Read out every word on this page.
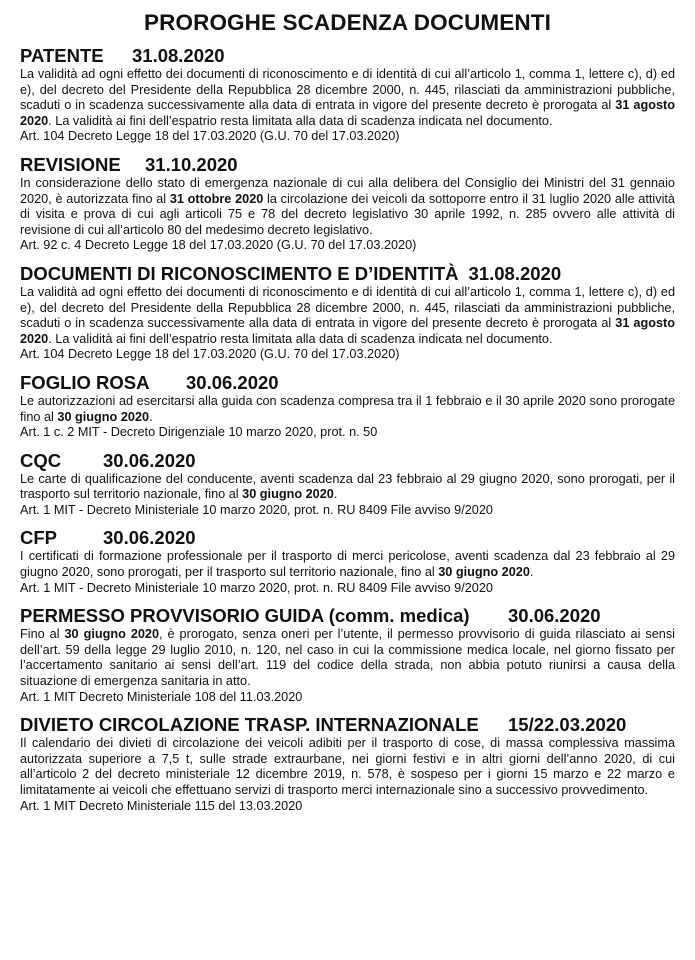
PROROGHE SCADENZA DOCUMENTI
PATENTE	31.08.2020

La validità ad ogni effetto dei documenti di riconoscimento e di identità di cui all’articolo 1, comma 1, lettere c), d) ed e), del decreto del Presidente della Repubblica 28 dicembre 2000, n. 445, rilasciati da amministrazioni pubbliche, scaduti o in scadenza successivamente alla data di entrata in vigore del presente decreto è prorogata al 31 agosto 2020. La validità ai fini dell’espatrio resta limitata alla data di scadenza indicata nel documento.

Art. 104 Decreto Legge 18 del 17.03.2020 (G.U. 70 del 17.03.2020)

REVISIONE	31.10.2020

In considerazione dello stato di emergenza nazionale di cui alla delibera del Consiglio dei Ministri del 31 gennaio 2020, è autorizzata fino al 31 ottobre 2020 la circolazione dei veicoli da sottoporre entro il 31 luglio 2020 alle attività di visita e prova di cui agli articoli 75 e 78 del decreto legislativo 30 aprile 1992, n. 285 ovvero alle attività di revisione di cui all’articolo 80 del medesimo decreto legislativo.

Art. 92 c. 4 Decreto Legge 18 del 17.03.2020 (G.U. 70 del 17.03.2020)

DOCUMENTI DI RICONOSCIMENTO E D’IDENTITÀ 31.08.2020

La validità ad ogni effetto dei documenti di riconoscimento e di identità di cui all’articolo 1, comma 1, lettere c), d) ed e), del decreto del Presidente della Repubblica 28 dicembre 2000, n. 445, rilasciati da amministrazioni pubbliche, scaduti o in scadenza successivamente alla data di entrata in vigore del presente decreto è prorogata al 31 agosto 2020. La validità ai fini dell’espatrio resta limitata alla data di scadenza indicata nel documento.

Art. 104 Decreto Legge 18 del 17.03.2020 (G.U. 70 del 17.03.2020)

FOGLIO ROSA	30.06.2020

Le autorizzazioni ad esercitarsi alla guida con scadenza compresa tra il 1 febbraio e il 30 aprile 2020 sono prorogate fino al 30 giugno 2020.

Art. 1 c. 2 MIT - Decreto Dirigenziale 10 marzo 2020, prot. n. 50

CQC	30.06.2020

Le carte di qualificazione del conducente, aventi scadenza dal 23 febbraio al 29 giugno 2020, sono prorogati, per il trasporto sul territorio nazionale, fino al 30 giugno 2020.

Art. 1 MIT - Decreto Ministeriale 10 marzo 2020, prot. n. RU 8409 File avviso 9/2020

CFP	30.06.2020

I certificati di formazione professionale per il trasporto di merci pericolose, aventi scadenza dal 23 febbraio al 29 giugno 2020, sono prorogati, per il trasporto sul territorio nazionale, fino al 30 giugno 2020.

Art. 1 MIT - Decreto Ministeriale 10 marzo 2020, prot. n. RU 8409 File avviso 9/2020

PERMESSO PROVVISORIO GUIDA (comm. medica)	30.06.2020

Fino al 30 giugno 2020, è prorogato, senza oneri per l’utente, il permesso provvisorio di guida rilasciato ai sensi dell’art. 59 della legge 29 luglio 2010, n. 120, nel caso in cui la commissione medica locale, nel giorno fissato per l’accertamento sanitario ai sensi dell’art. 119 del codice della strada, non abbia potuto riunirsi a causa della situazione di emergenza sanitaria in atto.

Art. 1 MIT Decreto Ministeriale 108 del 11.03.2020

DIVIETO CIRCOLAZIONE TRASP. INTERNAZIONALE	15/22.03.2020

Il calendario dei divieti di circolazione dei veicoli adibiti per il trasporto di cose, di massa complessiva massima autorizzata superiore a 7,5 t, sulle strade extraurbane, nei giorni festivi e in altri giorni dell’anno 2020, di cui all’articolo 2 del decreto ministeriale 12 dicembre 2019, n. 578, è sospeso per i giorni 15 marzo e 22 marzo e limitatamente ai veicoli che effettuano servizi di trasporto merci internazionale sino a successivo provvedimento.

Art. 1 MIT Decreto Ministeriale 115 del 13.03.2020
